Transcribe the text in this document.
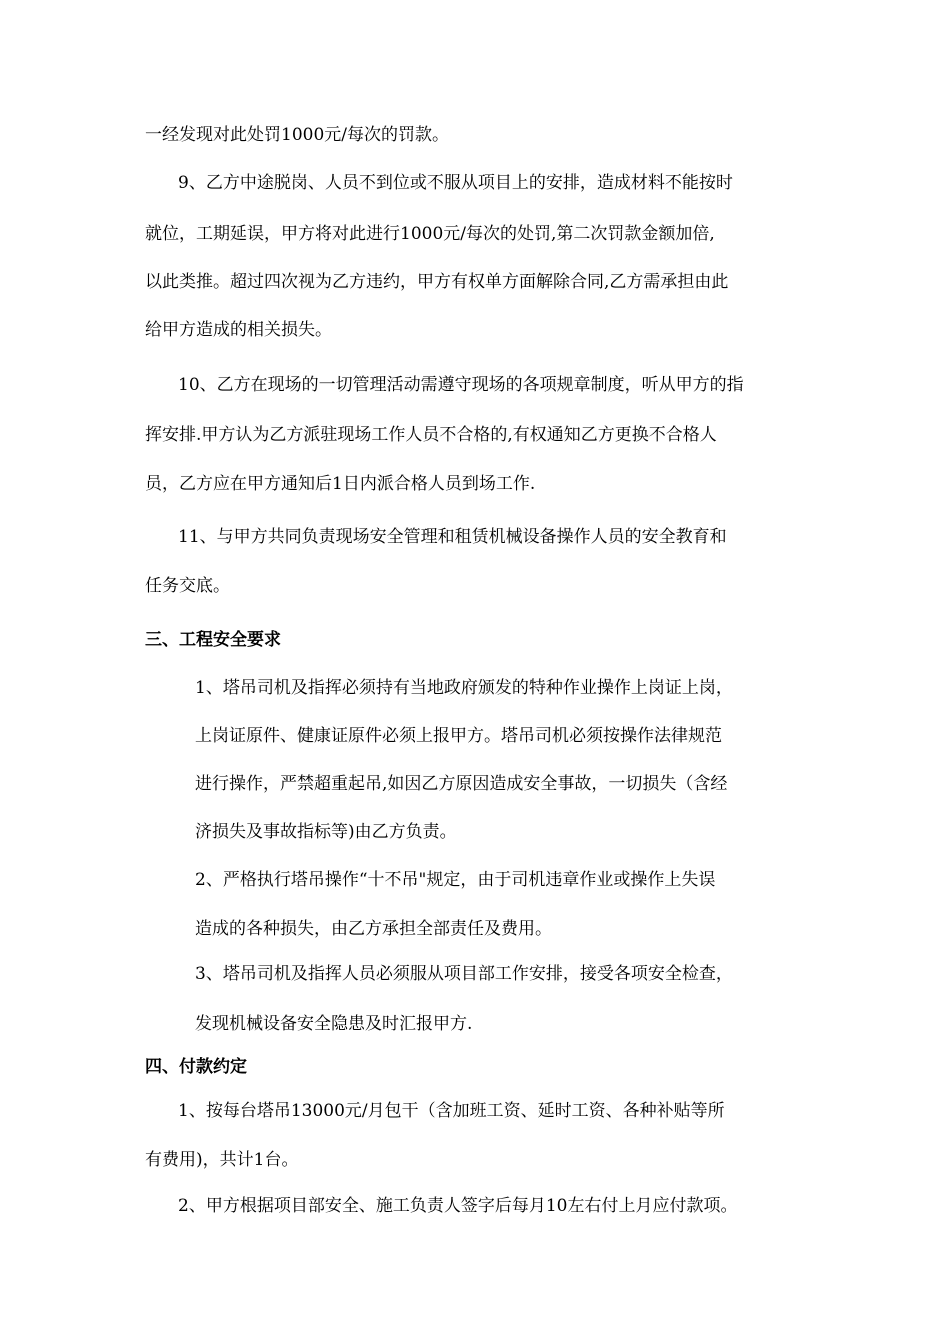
一经发现对此处罚1000元/每次的罚款。
9、乙方中途脱岗、人员不到位或不服从项目上的安排，造成材料不能按时
就位，工期延误，甲方将对此进行1000元/每次的处罚,第二次罚款金额加倍,
以此类推。超过四次视为乙方违约，甲方有权单方面解除合同,乙方需承担由此
给甲方造成的相关损失。
10、乙方在现场的一切管理活动需遵守现场的各项规章制度，听从甲方的指
挥安排.甲方认为乙方派驻现场工作人员不合格的,有权通知乙方更换不合格人
员，乙方应在甲方通知后1日内派合格人员到场工作.
11、与甲方共同负责现场安全管理和租赁机械设备操作人员的安全教育和
任务交底。
三、工程安全要求
1、塔吊司机及指挥必须持有当地政府颁发的特种作业操作上岗证上岗，
上岗证原件、健康证原件必须上报甲方。塔吊司机必须按操作法律规范
进行操作，严禁超重起吊,如因乙方原因造成安全事故，一切损失（含经
济损失及事故指标等)由乙方负责。
2、严格执行塔吊操作“十不吊"规定，由于司机违章作业或操作上失误
造成的各种损失，由乙方承担全部责任及费用。
3、塔吊司机及指挥人员必须服从项目部工作安排，接受各项安全检查，
发现机械设备安全隐患及时汇报甲方.
四、付款约定
1、按每台塔吊13000元/月包干（含加班工资、延时工资、各种补贴等所
有费用)，共计1台。
2、甲方根据项目部安全、施工负责人签字后每月10左右付上月应付款项。
